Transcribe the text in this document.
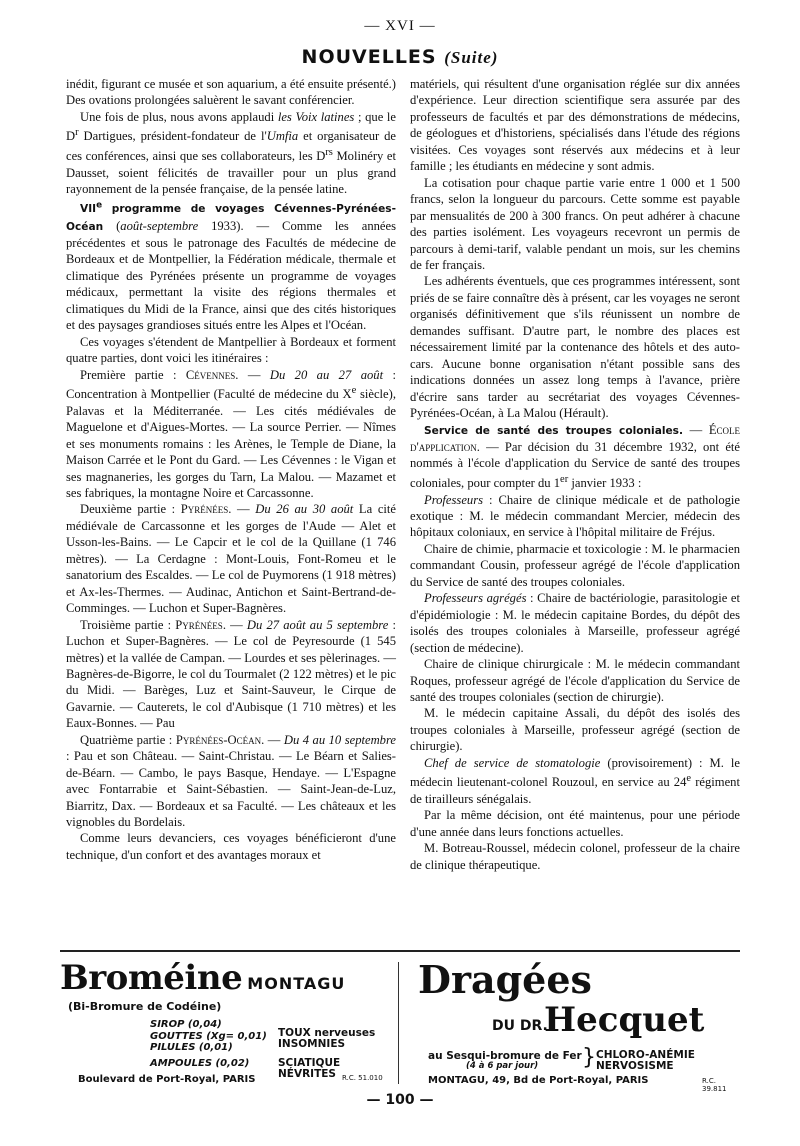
— XVI —
NOUVELLES (Suite)

inédit, figurant ce musée et son aquarium, a été ensuite présenté.) Des ovations prolongées saluèrent le savant conférencier.

Une fois de plus, nous avons applaudi les Voix latines ; que le $D^r$ Dartigues, président-fondateur de l'Umfia et organisateur de ces conférences, ainsi que ses collaborateurs, les $D^{rs}$ Molinéry et Dausset, soient félicités de travailler pour un plus grand rayonnement de la pensée française, de la pensée latine.

VIIe programme de voyages Cévennes-Pyrénées-Océan (août-septembre 1933). — Comme les années précédentes et sous le patronage des Facultés de médecine de Bordeaux et de Montpellier, la Fédération médicale, thermale et climatique des Pyrénées présente un programme de voyages médicaux, permettant la visite des régions thermales et climatiques du Midi de la France, ainsi que des cités historiques et des paysages grandioses situés entre les Alpes et l'Océan.

Ces voyages s'étendent de Mantpellier à Bordeaux et forment quatre parties, dont voici les itinéraires :

Première partie : Cévennes. — Du 20 au 27 août : Concentration à Montpellier (Faculté de médecine du Xe siècle), Palavas et la Méditerranée. — Les cités médiévales de Maguelone et d'Aigues-Mortes. — La source Perrier. — Nîmes et ses monuments romains : les Arènes, le Temple de Diane, la Maison Carrée et le Pont du Gard. — Les Cévennes : le Vigan et ses magnaneries, les gorges du Tarn, La Malou. — Mazamet et ses fabriques, la montagne Noire et Carcassonne.

Deuxième partie : Pyrénées. — Du 26 au 30 août La cité médiévale de Carcassonne et les gorges de l'Aude — Alet et Usson-les-Bains. — Le Capcir et le col de la Quillane (1 746 mètres). — La Cerdagne : Mont-Louis, Font-Romeu et le sanatorium des Escaldes. — Le col de Puymorens (1 918 mètres) et Ax-les-Thermes. — Audinac, Antichon et Saint-Bertrand-de-Comminges. — Luchon et Super-Bagnères.

Troisième partie : Pyrénées. — Du 27 août au 5 septembre : Luchon et Super-Bagnères. — Le col de Peyresourde (1 545 mètres) et la vallée de Campan. — Lourdes et ses pèlerinages. — Bagnères-de-Bigorre, le col du Tourmalet (2 122 mètres) et le pic du Midi. — Barèges, Luz et Saint-Sauveur, le Cirque de Gavarnie. — Cauterets, le col d'Aubisque (1 710 mètres) et les Eaux-Bonnes. — Pau

Quatrième partie : Pyrénées-Océan. — Du 4 au 10 septembre : Pau et son Château. — Saint-Christau. — Le Béarn et Salies-de-Béarn. — Cambo, le pays Basque, Hendaye. — L'Espagne avec Fontarrabie et Saint-Sébastien. — Saint-Jean-de-Luz, Biarritz, Dax. — Bordeaux et sa Faculté. — Les châteaux et les vignobles du Bordelais.

Comme leurs devanciers, ces voyages bénéficieront d'une technique, d'un confort et des avantages moraux et

matériels, qui résultent d'une organisation réglée sur dix années d'expérience. Leur direction scientifique sera assurée par des professeurs de facultés et par des démonstrations de médecins, de géologues et d'historiens, spécialisés dans l'étude des régions visitées. Ces voyages sont réservés aux médecins et à leur famille ; les étudiants en médecine y sont admis.

La cotisation pour chaque partie varie entre 1 000 et 1 500 francs, selon la longueur du parcours. Cette somme est payable par mensualités de 200 à 300 francs. On peut adhérer à chacune des parties isolément. Les voyageurs recevront un permis de parcours à demi-tarif, valable pendant un mois, sur les chemins de fer français.

Les adhérents éventuels, que ces programmes intéressent, sont priés de se faire connaître dès à présent, car les voyages ne seront organisés définitivement que s'ils réunissent un nombre de demandes suffisant. D'autre part, le nombre des places est nécessairement limité par la contenance des hôtels et des auto-cars. Aucune bonne organisation n'étant possible sans des indications données un assez long temps à l'avance, prière d'écrire sans tarder au secrétariat des voyages Cévennes-Pyrénées-Océan, à La Malou (Hérault).

Service de santé des troupes coloniales. — École d'application. — Par décision du 31 décembre 1932, ont été nommés à l'école d'application du Service de santé des troupes coloniales, pour compter du 1er janvier 1933 :

Professeurs : Chaire de clinique médicale et de pathologie exotique : M. le médecin commandant Mercier, médecin des hôpitaux coloniaux, en service à l'hôpital militaire de Fréjus.

Chaire de chimie, pharmacie et toxicologie : M. le pharmacien commandant Cousin, professeur agrégé de l'école d'application du Service de santé des troupes coloniales.

Professeurs agrégés : Chaire de bactériologie, parasitologie et d'épidémiologie : M. le médecin capitaine Bordes, du dépôt des isolés des troupes coloniales à Marseille, professeur agrégé (section de médecine).

Chaire de clinique chirurgicale : M. le médecin commandant Roques, professeur agrégé de l'école d'application du Service de santé des troupes coloniales (section de chirurgie).

M. le médecin capitaine Assali, du dépôt des isolés des troupes coloniales à Marseille, professeur agrégé (section de chirurgie).

Chef de service de stomatologie (provisoirement) : M. le médecin lieutenant-colonel Rouzoul, en service au 24e régiment de tirailleurs sénégalais.

Par la même décision, ont été maintenus, pour une période d'une année dans leurs fonctions actuelles.

M. Botreau-Roussel, médecin colonel, professeur de la chaire de clinique thérapeutique.

Broméine MONTAGU
(Bi-Bromure de Codéine)
SIROP (0,04)
GOUTTES (Xg= 0,01)
PILULES (0,01)
AMPOULES (0,02)
TOUX nerveuses
INSOMNIES
SCIATIQUE
NÉVRITES
Boulevard de Port-Royal, PARIS	R.C. 51.010
Dragées
DU DR.
Hecquet
au Sesqui-bromure de Fer
(4 à 6 par jour) } CHLORO-ANÉMIE
NERVOSISME
MONTAGU, 49, Bd de Port-Royal, PARIS	R.C. 39.811
— 100 —
